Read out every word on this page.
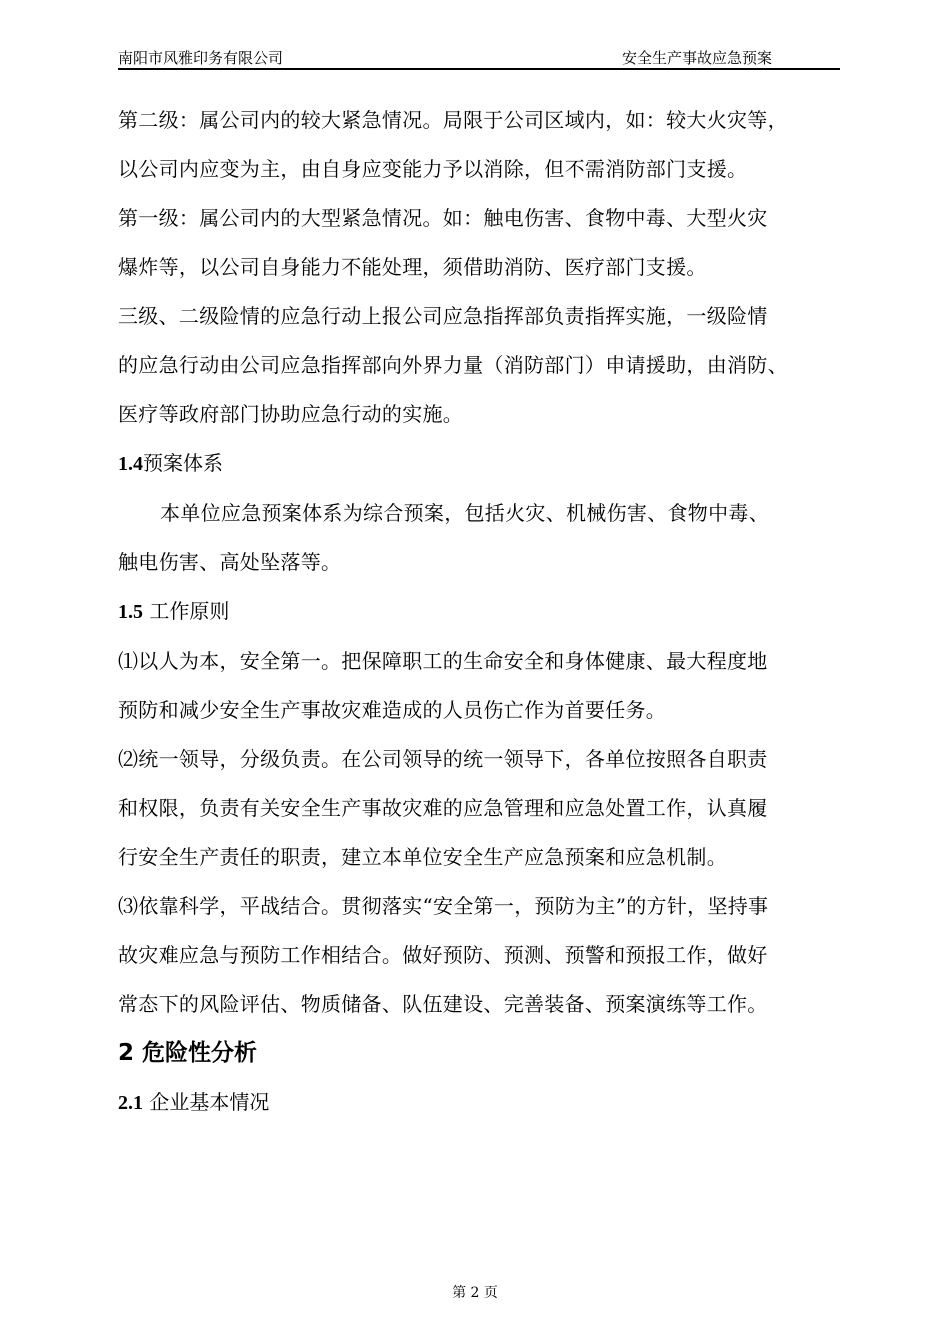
南阳市风雅印务有限公司	安全生产事故应急预案

第二级：属公司内的较大紧急情况。局限于公司区域内，如：较大火灾等，

以公司内应变为主，由自身应变能力予以消除，但不需消防部门支援。

第一级：属公司内的大型紧急情况。如：触电伤害、食物中毒、大型火灾

爆炸等，以公司自身能力不能处理，须借助消防、医疗部门支援。

三级、二级险情的应急行动上报公司应急指挥部负责指挥实施，一级险情

的应急行动由公司应急指挥部向外界力量（消防部门）申请援助，由消防、

医疗等政府部门协助应急行动的实施。

1.4预案体系

本单位应急预案体系为综合预案，包括火灾、机械伤害、食物中毒、

触电伤害、高处坠落等。

1.5 工作原则

⑴以人为本，安全第一。把保障职工的生命安全和身体健康、最大程度地

预防和减少安全生产事故灾难造成的人员伤亡作为首要任务。

⑵统一领导，分级负责。在公司领导的统一领导下，各单位按照各自职责

和权限，负责有关安全生产事故灾难的应急管理和应急处置工作，认真履

行安全生产责任的职责，建立本单位安全生产应急预案和应急机制。

⑶依靠科学，平战结合。贯彻落实“安全第一，预防为主”的方针，坚持事

故灾难应急与预防工作相结合。做好预防、预测、预警和预报工作，做好

常态下的风险评估、物质储备、队伍建设、完善装备、预案演练等工作。

2 危险性分析

2.1 企业基本情况

第 2 页
